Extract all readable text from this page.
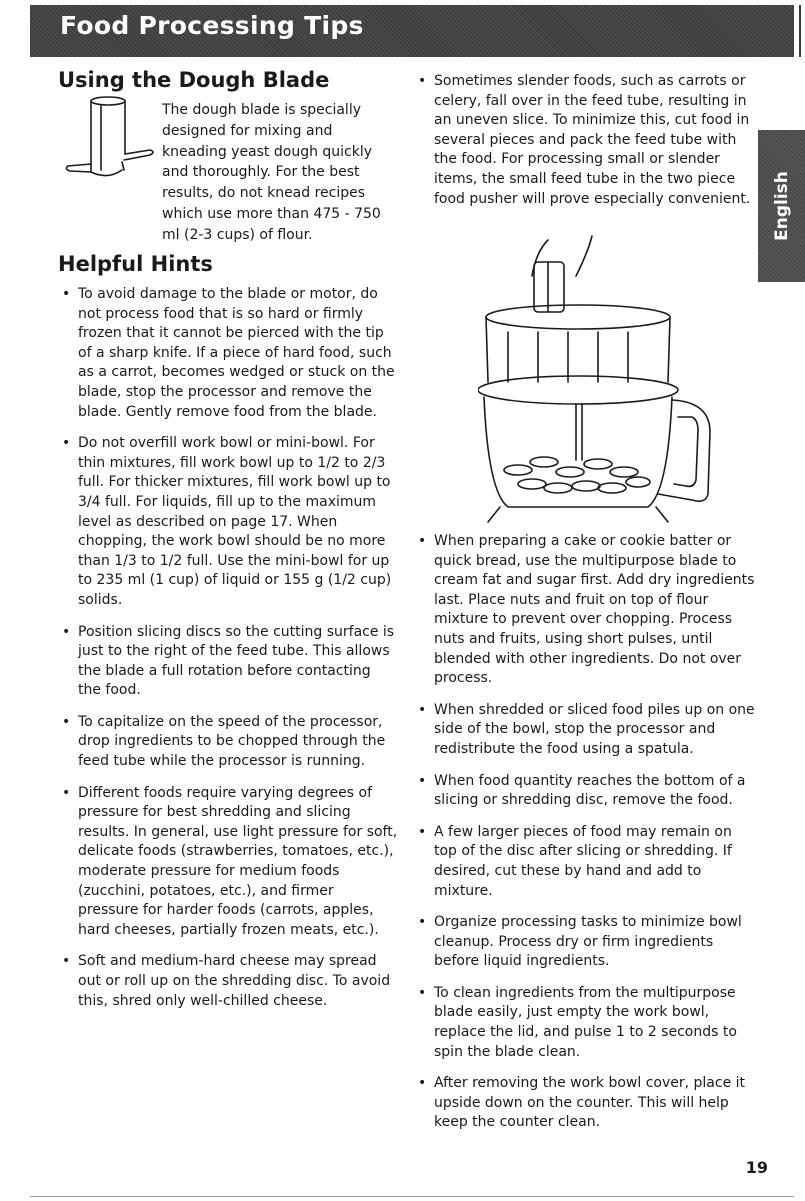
Food Processing Tips
English
Using the Dough Blade

The dough blade is specially designed for mixing and kneading yeast dough quickly and thoroughly. For the best results, do not knead recipes which use more than 475 - 750 ml (2-3 cups) of flour.

Helpful Hints
• To avoid damage to the blade or motor, do not process food that is so hard or firmly frozen that it cannot be pierced with the tip of a sharp knife. If a piece of hard food, such as a carrot, becomes wedged or stuck on the blade, stop the processor and remove the blade. Gently remove food from the blade.
• Do not overfill work bowl or mini-bowl. For thin mixtures, fill work bowl up to 1/2 to 2/3 full. For thicker mixtures, fill work bowl up to 3/4 full. For liquids, fill up to the maximum level as described on page 17. When chopping, the work bowl should be no more than 1/3 to 1/2 full. Use the mini-bowl for up to 235 ml (1 cup) of liquid or 155 g (1/2 cup) solids.
• Position slicing discs so the cutting surface is just to the right of the feed tube. This allows the blade a full rotation before contacting the food.
• To capitalize on the speed of the processor, drop ingredients to be chopped through the feed tube while the processor is running.
• Different foods require varying degrees of pressure for best shredding and slicing results. In general, use light pressure for soft, delicate foods (strawberries, tomatoes, etc.), moderate pressure for medium foods (zucchini, potatoes, etc.), and firmer pressure for harder foods (carrots, apples, hard cheeses, partially frozen meats, etc.).
• Soft and medium-hard cheese may spread out or roll up on the shredding disc. To avoid this, shred only well-chilled cheese.
• Sometimes slender foods, such as carrots or celery, fall over in the feed tube, resulting in an uneven slice. To minimize this, cut food in several pieces and pack the feed tube with the food. For processing small or slender items, the small feed tube in the two piece food pusher will prove especially convenient.
• When preparing a cake or cookie batter or quick bread, use the multipurpose blade to cream fat and sugar first. Add dry ingredients last. Place nuts and fruit on top of flour mixture to prevent over chopping. Process nuts and fruits, using short pulses, until blended with other ingredients. Do not over process.
• When shredded or sliced food piles up on one side of the bowl, stop the processor and redistribute the food using a spatula.
• When food quantity reaches the bottom of a slicing or shredding disc, remove the food.
• A few larger pieces of food may remain on top of the disc after slicing or shredding. If desired, cut these by hand and add to mixture.
• Organize processing tasks to minimize bowl cleanup. Process dry or firm ingredients before liquid ingredients.
• To clean ingredients from the multipurpose blade easily, just empty the work bowl, replace the lid, and pulse 1 to 2 seconds to spin the blade clean.
• After removing the work bowl cover, place it upside down on the counter. This will help keep the counter clean.
19
